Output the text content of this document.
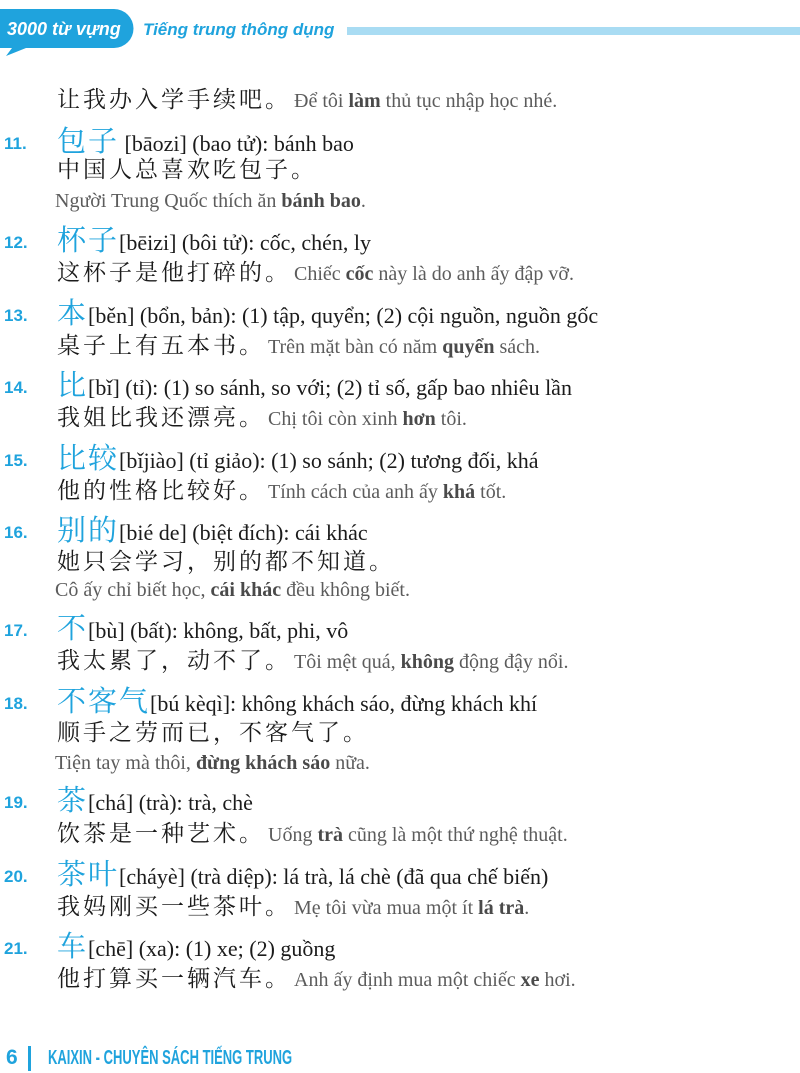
3000 từ vựng Tiếng trung thông dụng
让我办入学手续吧。 Để tôi làm thủ tục nhập học nhé.
11. 包子 [bāozi] (bao tử): bánh bao
中国人总喜欢吃包子。
Người Trung Quốc thích ăn bánh bao.
12. 杯子[bēizi] (bôi tử): cốc, chén, ly
这杯子是他打碎的。 Chiếc cốc này là do anh ấy đập vỡ.
13. 本[běn] (bổn, bản): (1) tập, quyển; (2) cội nguồn, nguồn gốc
桌子上有五本书。 Trên mặt bàn có năm quyển sách.
14. 比[bǐ] (tỉ): (1) so sánh, so với; (2) tỉ số, gấp bao nhiêu lần
我姐比我还漂亮。 Chị tôi còn xinh hơn tôi.
15. 比较[bǐjiào] (tỉ giảo): (1) so sánh; (2) tương đối, khá
他的性格比较好。 Tính cách của anh ấy khá tốt.
16. 别的[bié de] (biệt đích): cái khác
她只会学习，别的都不知道。
Cô ấy chỉ biết học, cái khác đều không biết.
17. 不[bù] (bất): không, bất, phi, vô
我太累了，动不了。 Tôi mệt quá, không động đậy nổi.
18. 不客气[bú kèqì]: không khách sáo, đừng khách khí
顺手之劳而已，不客气了。
Tiện tay mà thôi, đừng khách sáo nữa.
19. 茶[chá] (trà): trà, chè
饮茶是一种艺术。 Uống trà cũng là một thứ nghệ thuật.
20. 茶叶[cháyè] (trà diệp): lá trà, lá chè (đã qua chế biến)
我妈刚买一些茶叶。 Mẹ tôi vừa mua một ít lá trà.
21. 车[chē] (xa): (1) xe; (2) guồng
他打算买一辆汽车。 Anh ấy định mua một chiếc xe hơi.
6 KAIXIN - CHUYÊN SÁCH TIẾNG TRUNG
